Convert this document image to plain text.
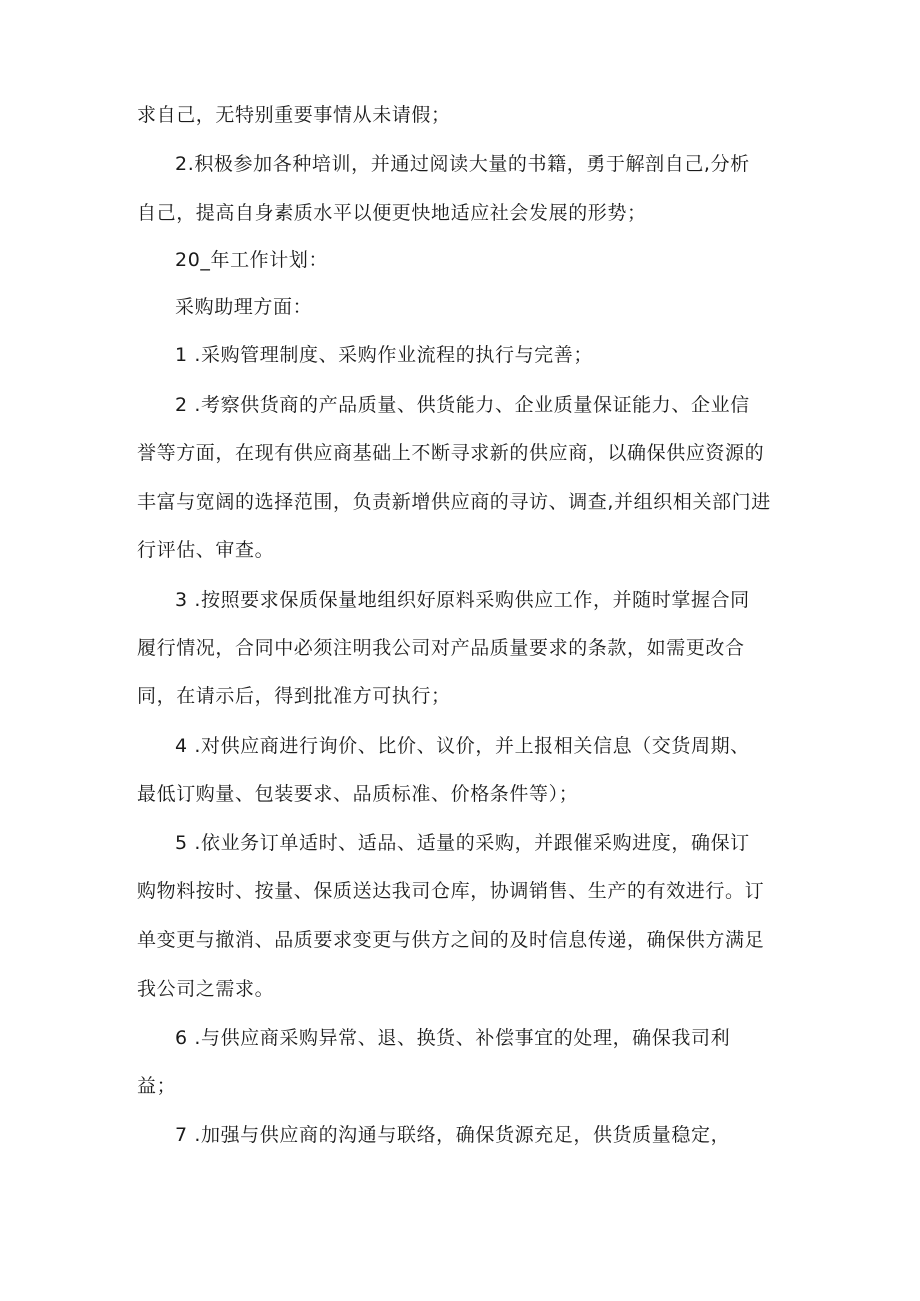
求自己，无特别重要事情从未请假；
2.积极参加各种培训，并通过阅读大量的书籍，勇于解剖自己,分析
自己，提高自身素质水平以便更快地适应社会发展的形势；
20_年工作计划：
采购助理方面：
1 .采购管理制度、采购作业流程的执行与完善；
2 .考察供货商的产品质量、供货能力、企业质量保证能力、企业信
誉等方面，在现有供应商基础上不断寻求新的供应商，以确保供应资源的
丰富与宽阔的选择范围，负责新增供应商的寻访、调查,并组织相关部门进
行评估、审查。
3 .按照要求保质保量地组织好原料采购供应工作，并随时掌握合同
履行情况，合同中必须注明我公司对产品质量要求的条款，如需更改合
同，在请示后，得到批准方可执行；
4 .对供应商进行询价、比价、议价，并上报相关信息（交货周期、
最低订购量、包装要求、品质标准、价格条件等）；
5 .依业务订单适时、适品、适量的采购，并跟催采购进度，确保订
购物料按时、按量、保质送达我司仓库，协调销售、生产的有效进行。订
单变更与撤消、品质要求变更与供方之间的及时信息传递，确保供方满足
我公司之需求。
6 .与供应商采购异常、退、换货、补偿事宜的处理，确保我司利
益；
7 .加强与供应商的沟通与联络，确保货源充足，供货质量稳定，
